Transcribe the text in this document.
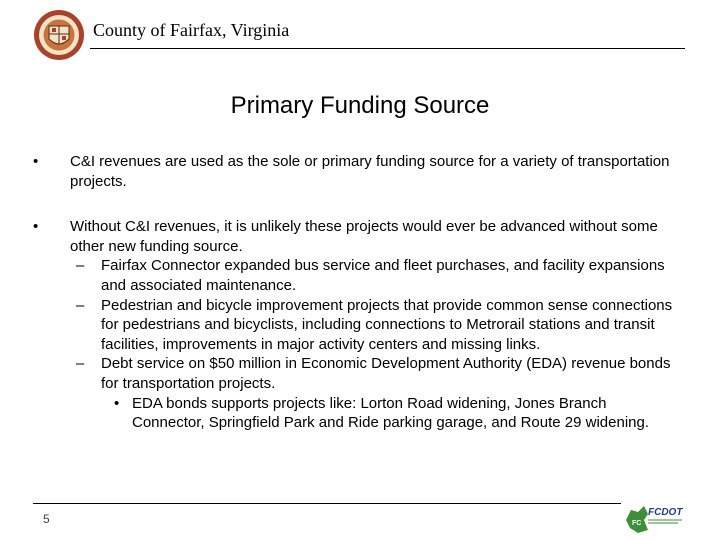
County of Fairfax, Virginia
Primary Funding Source
• C&I revenues are used as the sole or primary funding source for a variety of transportation projects.
• Without C&I revenues, it is unlikely these projects would ever be advanced without some other new funding source.
– Fairfax Connector expanded bus service and fleet purchases, and facility expansions and associated maintenance.
– Pedestrian and bicycle improvement projects that provide common sense connections for pedestrians and bicyclists, including connections to Metrorail stations and transit facilities, improvements in major activity centers and missing links.
– Debt service on $50 million in Economic Development Authority (EDA) revenue bonds for transportation projects.
• EDA bonds supports projects like: Lorton Road widening, Jones Branch Connector, Springfield Park and Ride parking garage, and Route 29 widening.
5	FC
FCDOT
